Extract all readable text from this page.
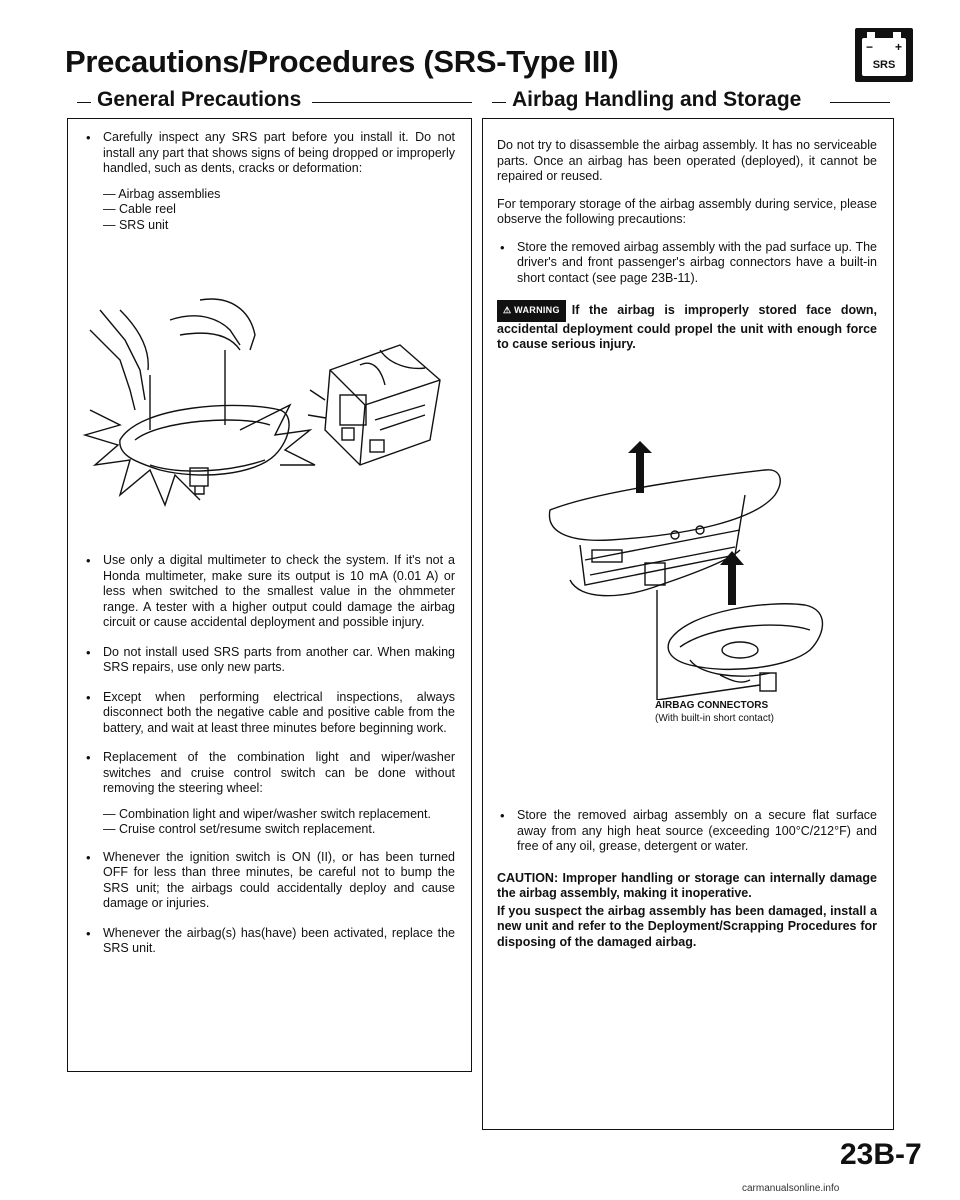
Precautions/Procedures (SRS-Type III)	− +
SRS
General Precautions

• Carefully inspect any SRS part before you install it. Do not install any part that shows signs of being dropped or improperly handled, such as dents, cracks or deformation:

— Airbag assemblies
— Cable reel
— SRS unit

• Use only a digital multimeter to check the system. If it's not a Honda multimeter, make sure its output is 10 mA (0.01 A) or less when switched to the smallest value in the ohmmeter range. A tester with a higher output could damage the airbag circuit or cause accidental deployment and possible injury.

• Do not install used SRS parts from another car. When making SRS repairs, use only new parts.

• Except when performing electrical inspections, always disconnect both the negative cable and positive cable from the battery, and wait at least three minutes before beginning work.

• Replacement of the combination light and wiper/washer switches and cruise control switch can be done without removing the steering wheel:

— Combination light and wiper/washer switch replacement.
— Cruise control set/resume switch replacement.

• Whenever the ignition switch is ON (II), or has been turned OFF for less than three minutes, be careful not to bump the SRS unit; the airbags could accidentally deploy and cause damage or injuries.

• Whenever the airbag(s) has(have) been activated, replace the SRS unit.

Airbag Handling and Storage

Do not try to disassemble the airbag assembly. It has no serviceable parts. Once an airbag has been operated (deployed), it cannot be repaired or reused.

For temporary storage of the airbag assembly during service, please observe the following precautions:

• Store the removed airbag assembly with the pad surface up. The driver's and front passenger's airbag connectors have a built-in short contact (see page 23B-11).

⚠ WARNING If the airbag is improperly stored face down, accidental deployment could propel the unit with enough force to cause serious injury.

AIRBAG CONNECTORS
(With built-in short contact)

• Store the removed airbag assembly on a secure flat surface away from any high heat source (exceeding 100°C/212°F) and free of any oil, grease, detergent or water.

CAUTION: Improper handling or storage can internally damage the airbag assembly, making it inoperative.

If you suspect the airbag assembly has been damaged, install a new unit and refer to the Deployment/Scrapping Procedures for disposing of the damaged airbag.

23B-7
carmanualsonline.info
